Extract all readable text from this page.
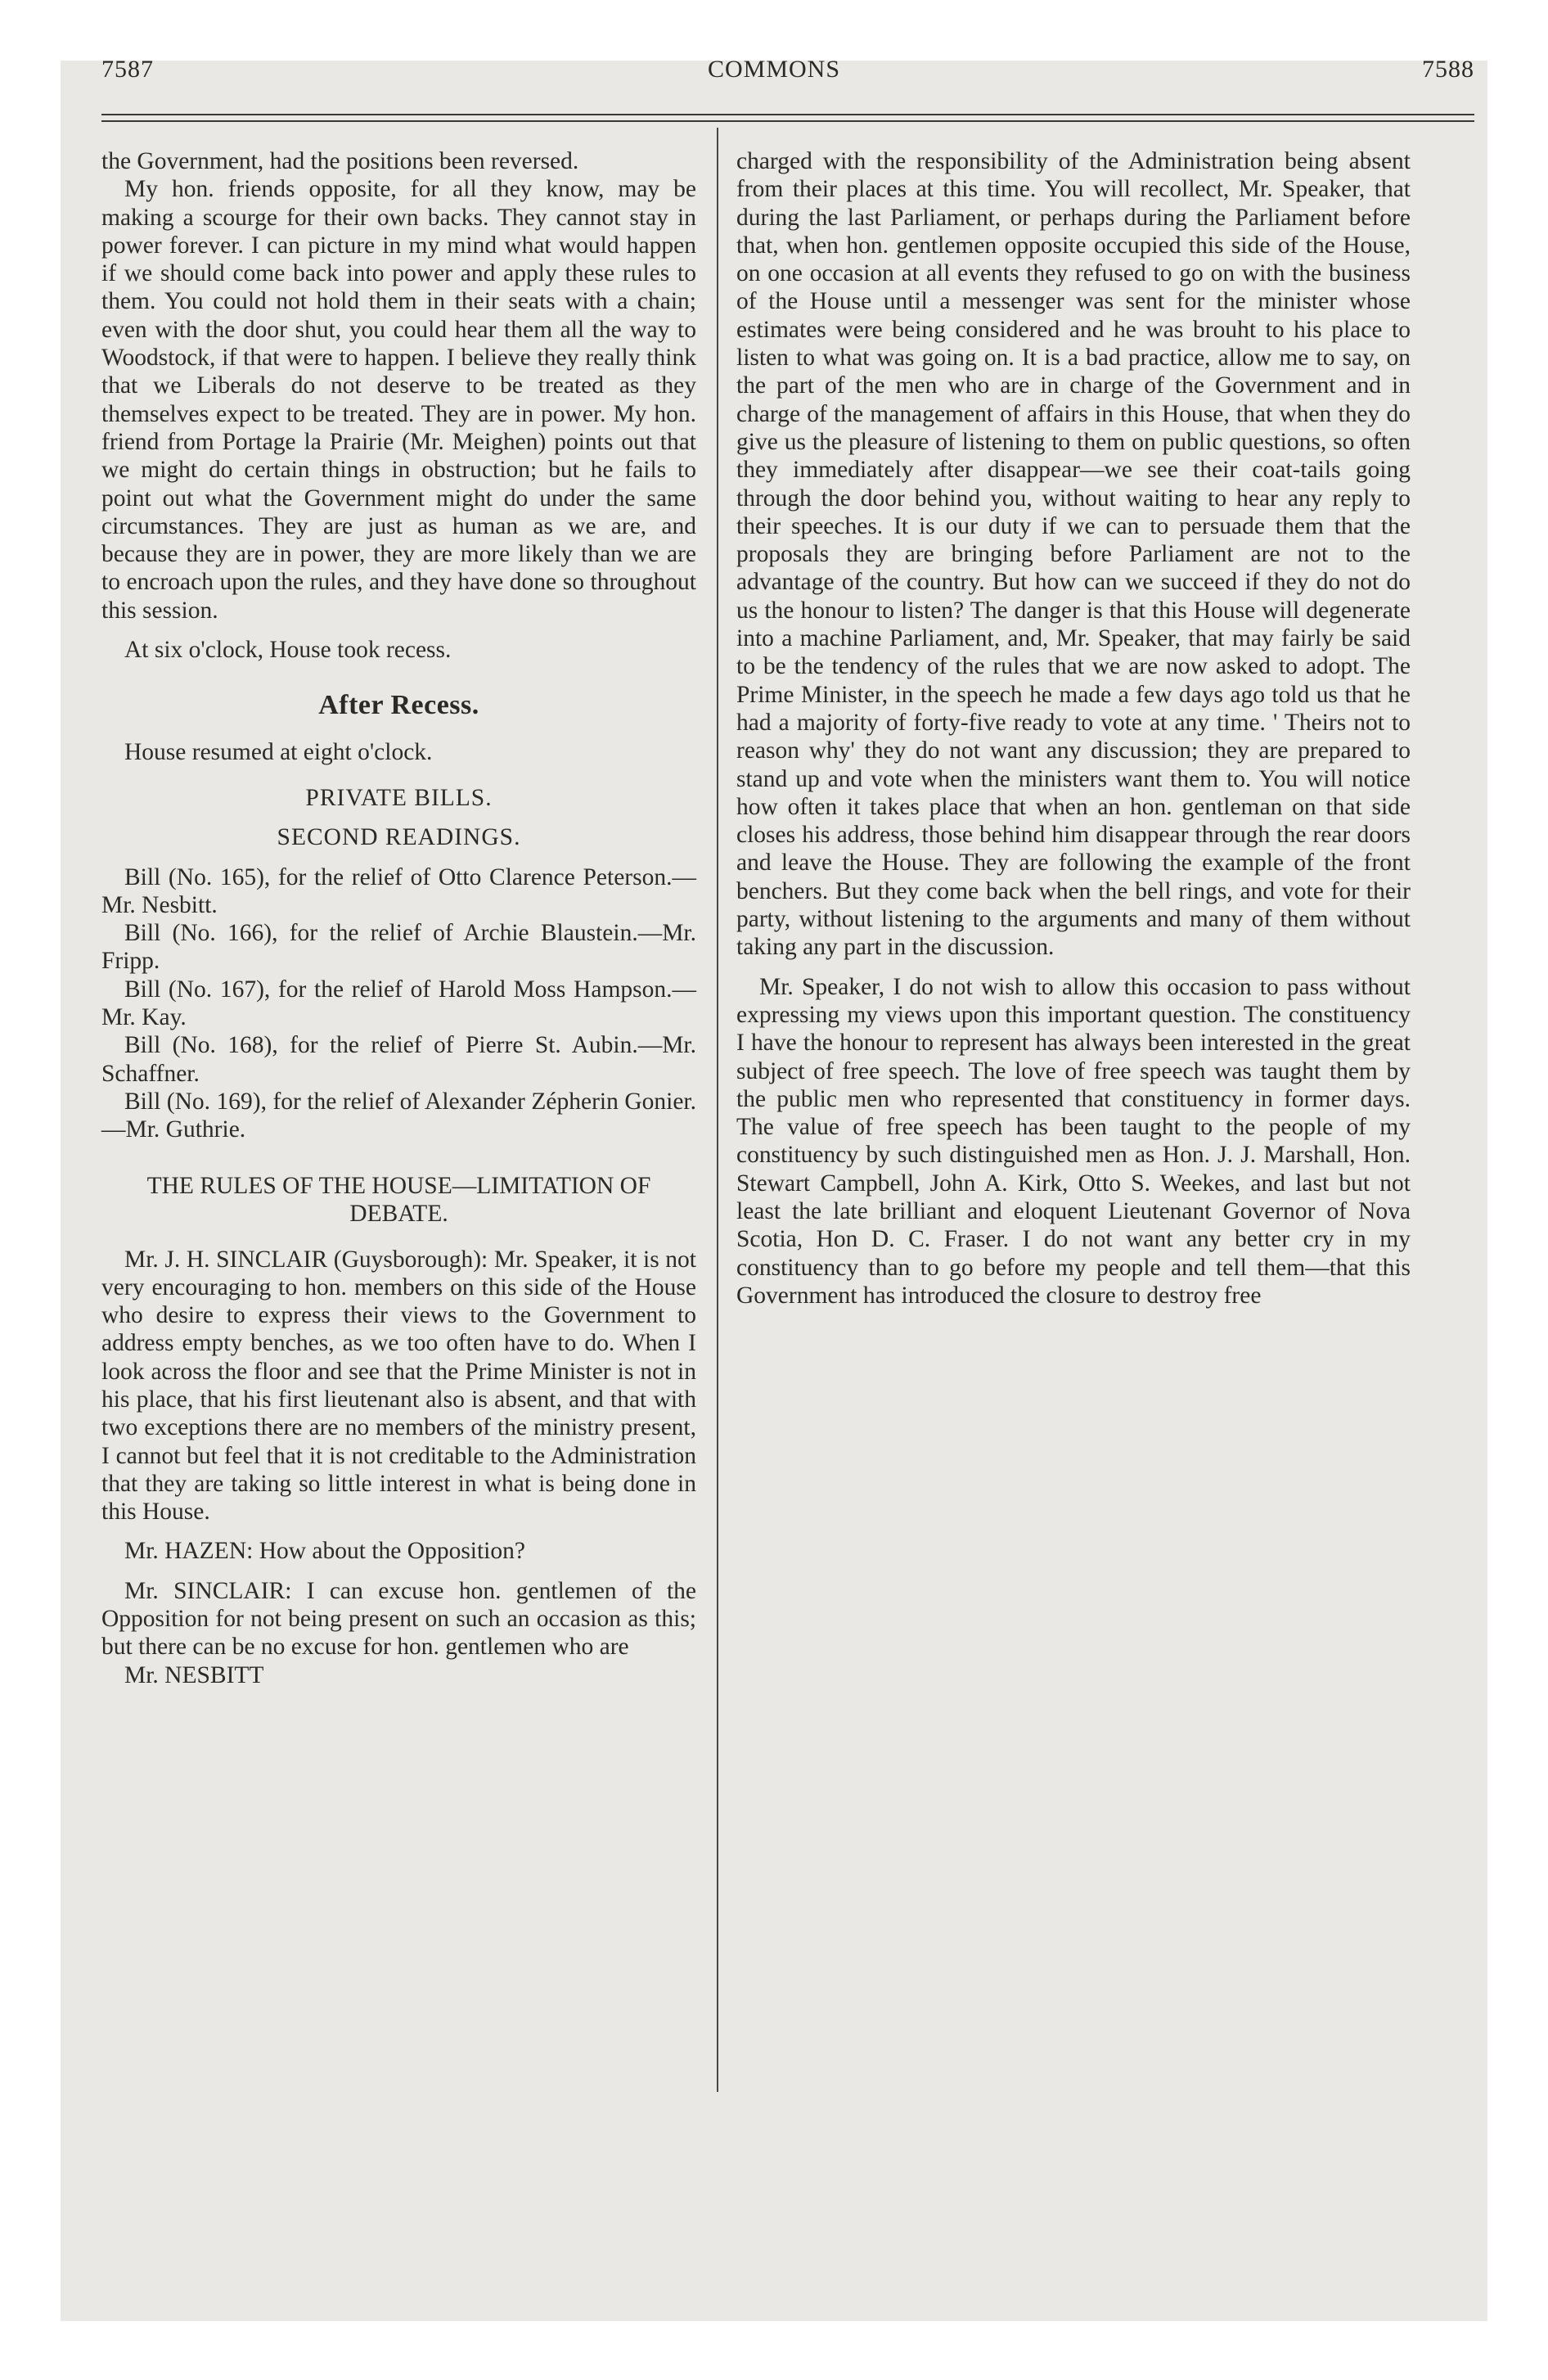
7587	COMMONS	7588

the Government, had the positions been reversed.

My hon. friends opposite, for all they know, may be making a scourge for their own backs. They cannot stay in power forever. I can picture in my mind what would happen if we should come back into power and apply these rules to them. You could not hold them in their seats with a chain; even with the door shut, you could hear them all the way to Woodstock, if that were to happen. I believe they really think that we Liberals do not deserve to be treated as they themselves expect to be treated. They are in power. My hon. friend from Portage la Prairie (Mr. Meighen) points out that we might do certain things in obstruction; but he fails to point out what the Government might do under the same circumstances. They are just as human as we are, and because they are in power, they are more likely than we are to encroach upon the rules, and they have done so throughout this session.

At six o'clock, House took recess.

After Recess.

House resumed at eight o'clock.

PRIVATE BILLS.

SECOND READINGS.

Bill (No. 165), for the relief of Otto Clarence Peterson.—Mr. Nesbitt.

Bill (No. 166), for the relief of Archie Blaustein.—Mr. Fripp.

Bill (No. 167), for the relief of Harold Moss Hampson.—Mr. Kay.

Bill (No. 168), for the relief of Pierre St. Aubin.—Mr. Schaffner.

Bill (No. 169), for the relief of Alexander Zépherin Gonier.—Mr. Guthrie.

THE RULES OF THE HOUSE—LIMITATION OF DEBATE.

Mr. J. H. SINCLAIR (Guysborough): Mr. Speaker, it is not very encouraging to hon. members on this side of the House who desire to express their views to the Government to address empty benches, as we too often have to do. When I look across the floor and see that the Prime Minister is not in his place, that his first lieutenant also is absent, and that with two exceptions there are no members of the ministry present, I cannot but feel that it is not creditable to the Administration that they are taking so little interest in what is being done in this House.

Mr. HAZEN: How about the Opposition?

Mr. SINCLAIR: I can excuse hon. gentlemen of the Opposition for not being present on such an occasion as this; but there can be no excuse for hon. gentlemen who are

Mr. NESBITT

charged with the responsibility of the Administration being absent from their places at this time. You will recollect, Mr. Speaker, that during the last Parliament, or perhaps during the Parliament before that, when hon. gentlemen opposite occupied this side of the House, on one occasion at all events they refused to go on with the business of the House until a messenger was sent for the minister whose estimates were being considered and he was brouht to his place to listen to what was going on. It is a bad practice, allow me to say, on the part of the men who are in charge of the Government and in charge of the management of affairs in this House, that when they do give us the pleasure of listening to them on public questions, so often they immediately after disappear—we see their coat-tails going through the door behind you, without waiting to hear any reply to their speeches. It is our duty if we can to persuade them that the proposals they are bringing before Parliament are not to the advantage of the country. But how can we succeed if they do not do us the honour to listen? The danger is that this House will degenerate into a machine Parliament, and, Mr. Speaker, that may fairly be said to be the tendency of the rules that we are now asked to adopt. The Prime Minister, in the speech he made a few days ago told us that he had a majority of forty-five ready to vote at any time. ' Theirs not to reason why' they do not want any discussion; they are prepared to stand up and vote when the ministers want them to. You will notice how often it takes place that when an hon. gentleman on that side closes his address, those behind him disappear through the rear doors and leave the House. They are following the example of the front benchers. But they come back when the bell rings, and vote for their party, without listening to the arguments and many of them without taking any part in the discussion.

Mr. Speaker, I do not wish to allow this occasion to pass without expressing my views upon this important question. The constituency I have the honour to represent has always been interested in the great subject of free speech. The love of free speech was taught them by the public men who represented that constituency in former days. The value of free speech has been taught to the people of my constituency by such distinguished men as Hon. J. J. Marshall, Hon. Stewart Campbell, John A. Kirk, Otto S. Weekes, and last but not least the late brilliant and eloquent Lieutenant Governor of Nova Scotia, Hon D. C. Fraser. I do not want any better cry in my constituency than to go before my people and tell them—that this Government has introduced the closure to destroy free
